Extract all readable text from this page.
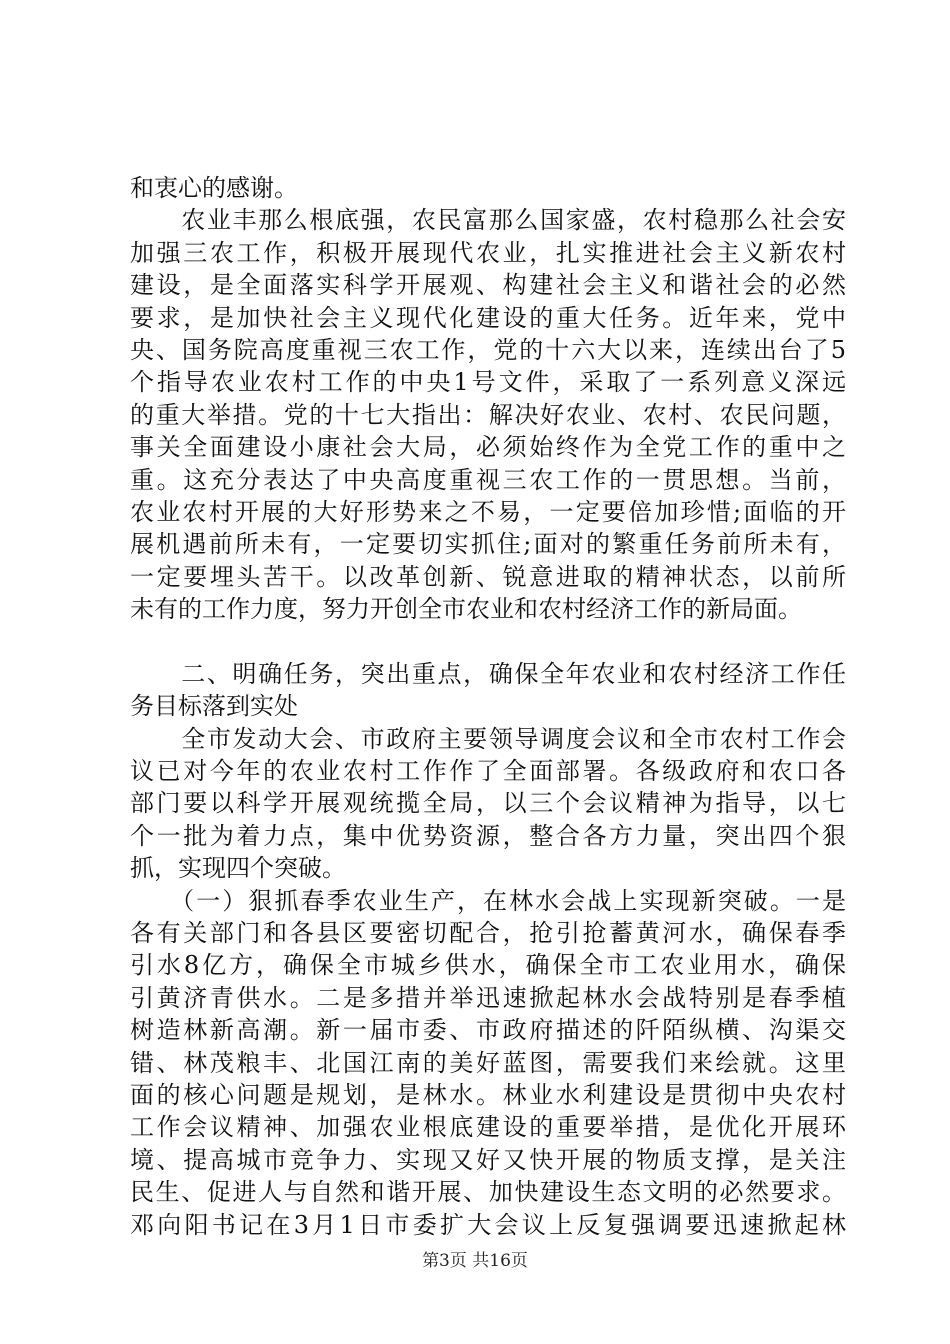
和衷心的感谢。
　　农业丰那么根底强，农民富那么国家盛，农村稳那么社会安
加强三农工作，积极开展现代农业，扎实推进社会主义新农村
建设，是全面落实科学开展观、构建社会主义和谐社会的必然
要求，是加快社会主义现代化建设的重大任务。近年来，党中
央、国务院高度重视三农工作，党的十六大以来，连续出台了5
个指导农业农村工作的中央1号文件，采取了一系列意义深远
的重大举措。党的十七大指出：解决好农业、农村、农民问题，
事关全面建设小康社会大局，必须始终作为全党工作的重中之
重。这充分表达了中央高度重视三农工作的一贯思想。当前，
农业农村开展的大好形势来之不易，一定要倍加珍惜;面临的开
展机遇前所未有，一定要切实抓住;面对的繁重任务前所未有，
一定要埋头苦干。以改革创新、锐意进取的精神状态，以前所
未有的工作力度，努力开创全市农业和农村经济工作的新局面。
　　二、明确任务，突出重点，确保全年农业和农村经济工作任
务目标落到实处
　　全市发动大会、市政府主要领导调度会议和全市农村工作会
议已对今年的农业农村工作作了全面部署。各级政府和农口各
部门要以科学开展观统揽全局，以三个会议精神为指导，以七
个一批为着力点，集中优势资源，整合各方力量，突出四个狠
抓，实现四个突破。
　　（一）狠抓春季农业生产，在林水会战上实现新突破。一是
各有关部门和各县区要密切配合，抢引抢蓄黄河水，确保春季
引水8亿方，确保全市城乡供水，确保全市工农业用水，确保
引黄济青供水。二是多措并举迅速掀起林水会战特别是春季植
树造林新高潮。新一届市委、市政府描述的阡陌纵横、沟渠交
错、林茂粮丰、北国江南的美好蓝图，需要我们来绘就。这里
面的核心问题是规划，是林水。林业水利建设是贯彻中央农村
工作会议精神、加强农业根底建设的重要举措，是优化开展环
境、提高城市竞争力、实现又好又快开展的物质支撑，是关注
民生、促进人与自然和谐开展、加快建设生态文明的必然要求。
邓向阳书记在3月1日市委扩大会议上反复强调要迅速掀起林
第3页 共16页
